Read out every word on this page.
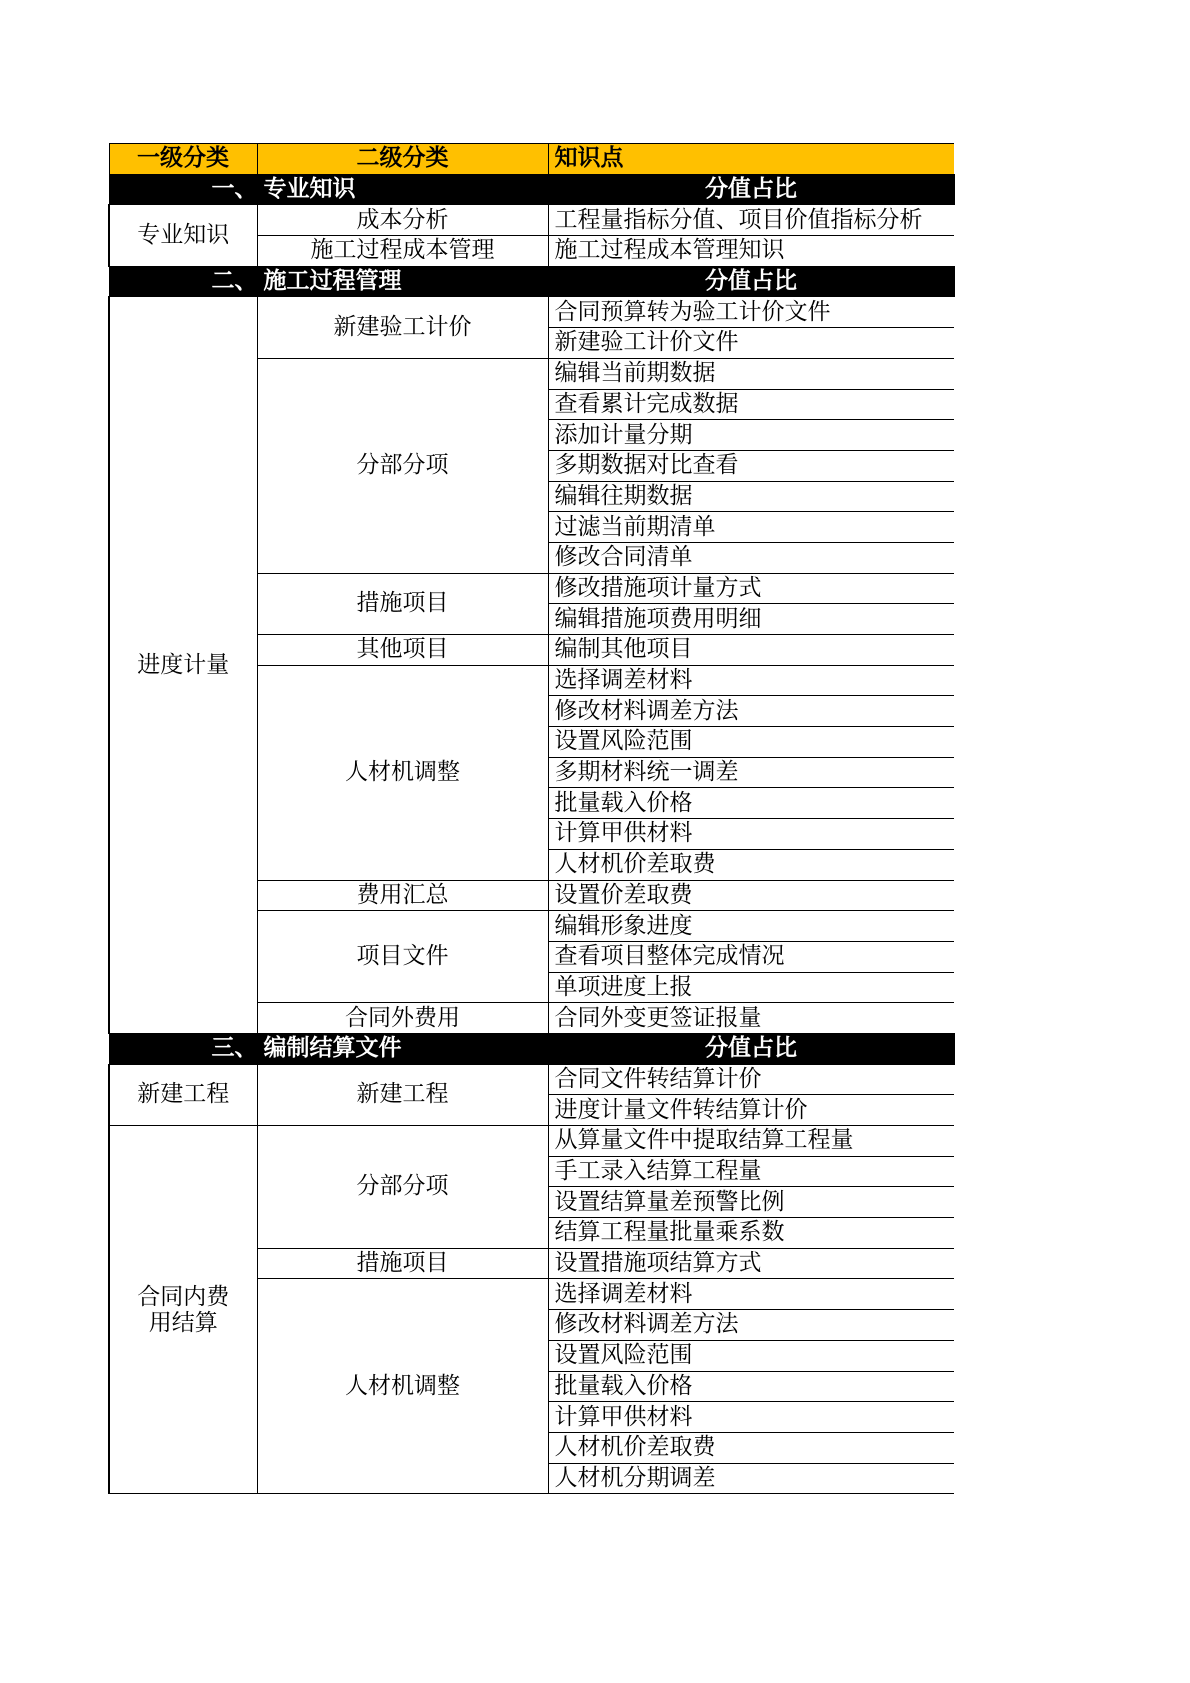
一级分类	二级分类	知识点
一、 专业知识		分值占比
专业知识	成本分析	工程量指标分值、项目价值指标分析
	施工过程成本管理	施工过程成本管理知识
二、 施工过程管理		分值占比
进度计量	新建验工计价	合同预算转为验工计价文件
		新建验工计价文件
	分部分项	编辑当前期数据
		查看累计完成数据
		添加计量分期
		多期数据对比查看
		编辑往期数据
		过滤当前期清单
		修改合同清单
	措施项目	修改措施项计量方式
		编辑措施项费用明细
	其他项目	编制其他项目
	人材机调整	选择调差材料
		修改材料调差方法
		设置风险范围
		多期材料统一调差
		批量载入价格
		计算甲供材料
		人材机价差取费
	费用汇总	设置价差取费
	项目文件	编辑形象进度
		查看项目整体完成情况
		单项进度上报
	合同外费用	合同外变更签证报量
三、 编制结算文件		分值占比
新建工程	新建工程	合同文件转结算计价
		进度计量文件转结算计价
合同内费用结算	分部分项	从算量文件中提取结算工程量
		手工录入结算工程量
		设置结算量差预警比例
		结算工程量批量乘系数
	措施项目	设置措施项结算方式
	人材机调整	选择调差材料
		修改材料调差方法
		设置风险范围
		批量载入价格
		计算甲供材料
		人材机价差取费
		人材机分期调差
